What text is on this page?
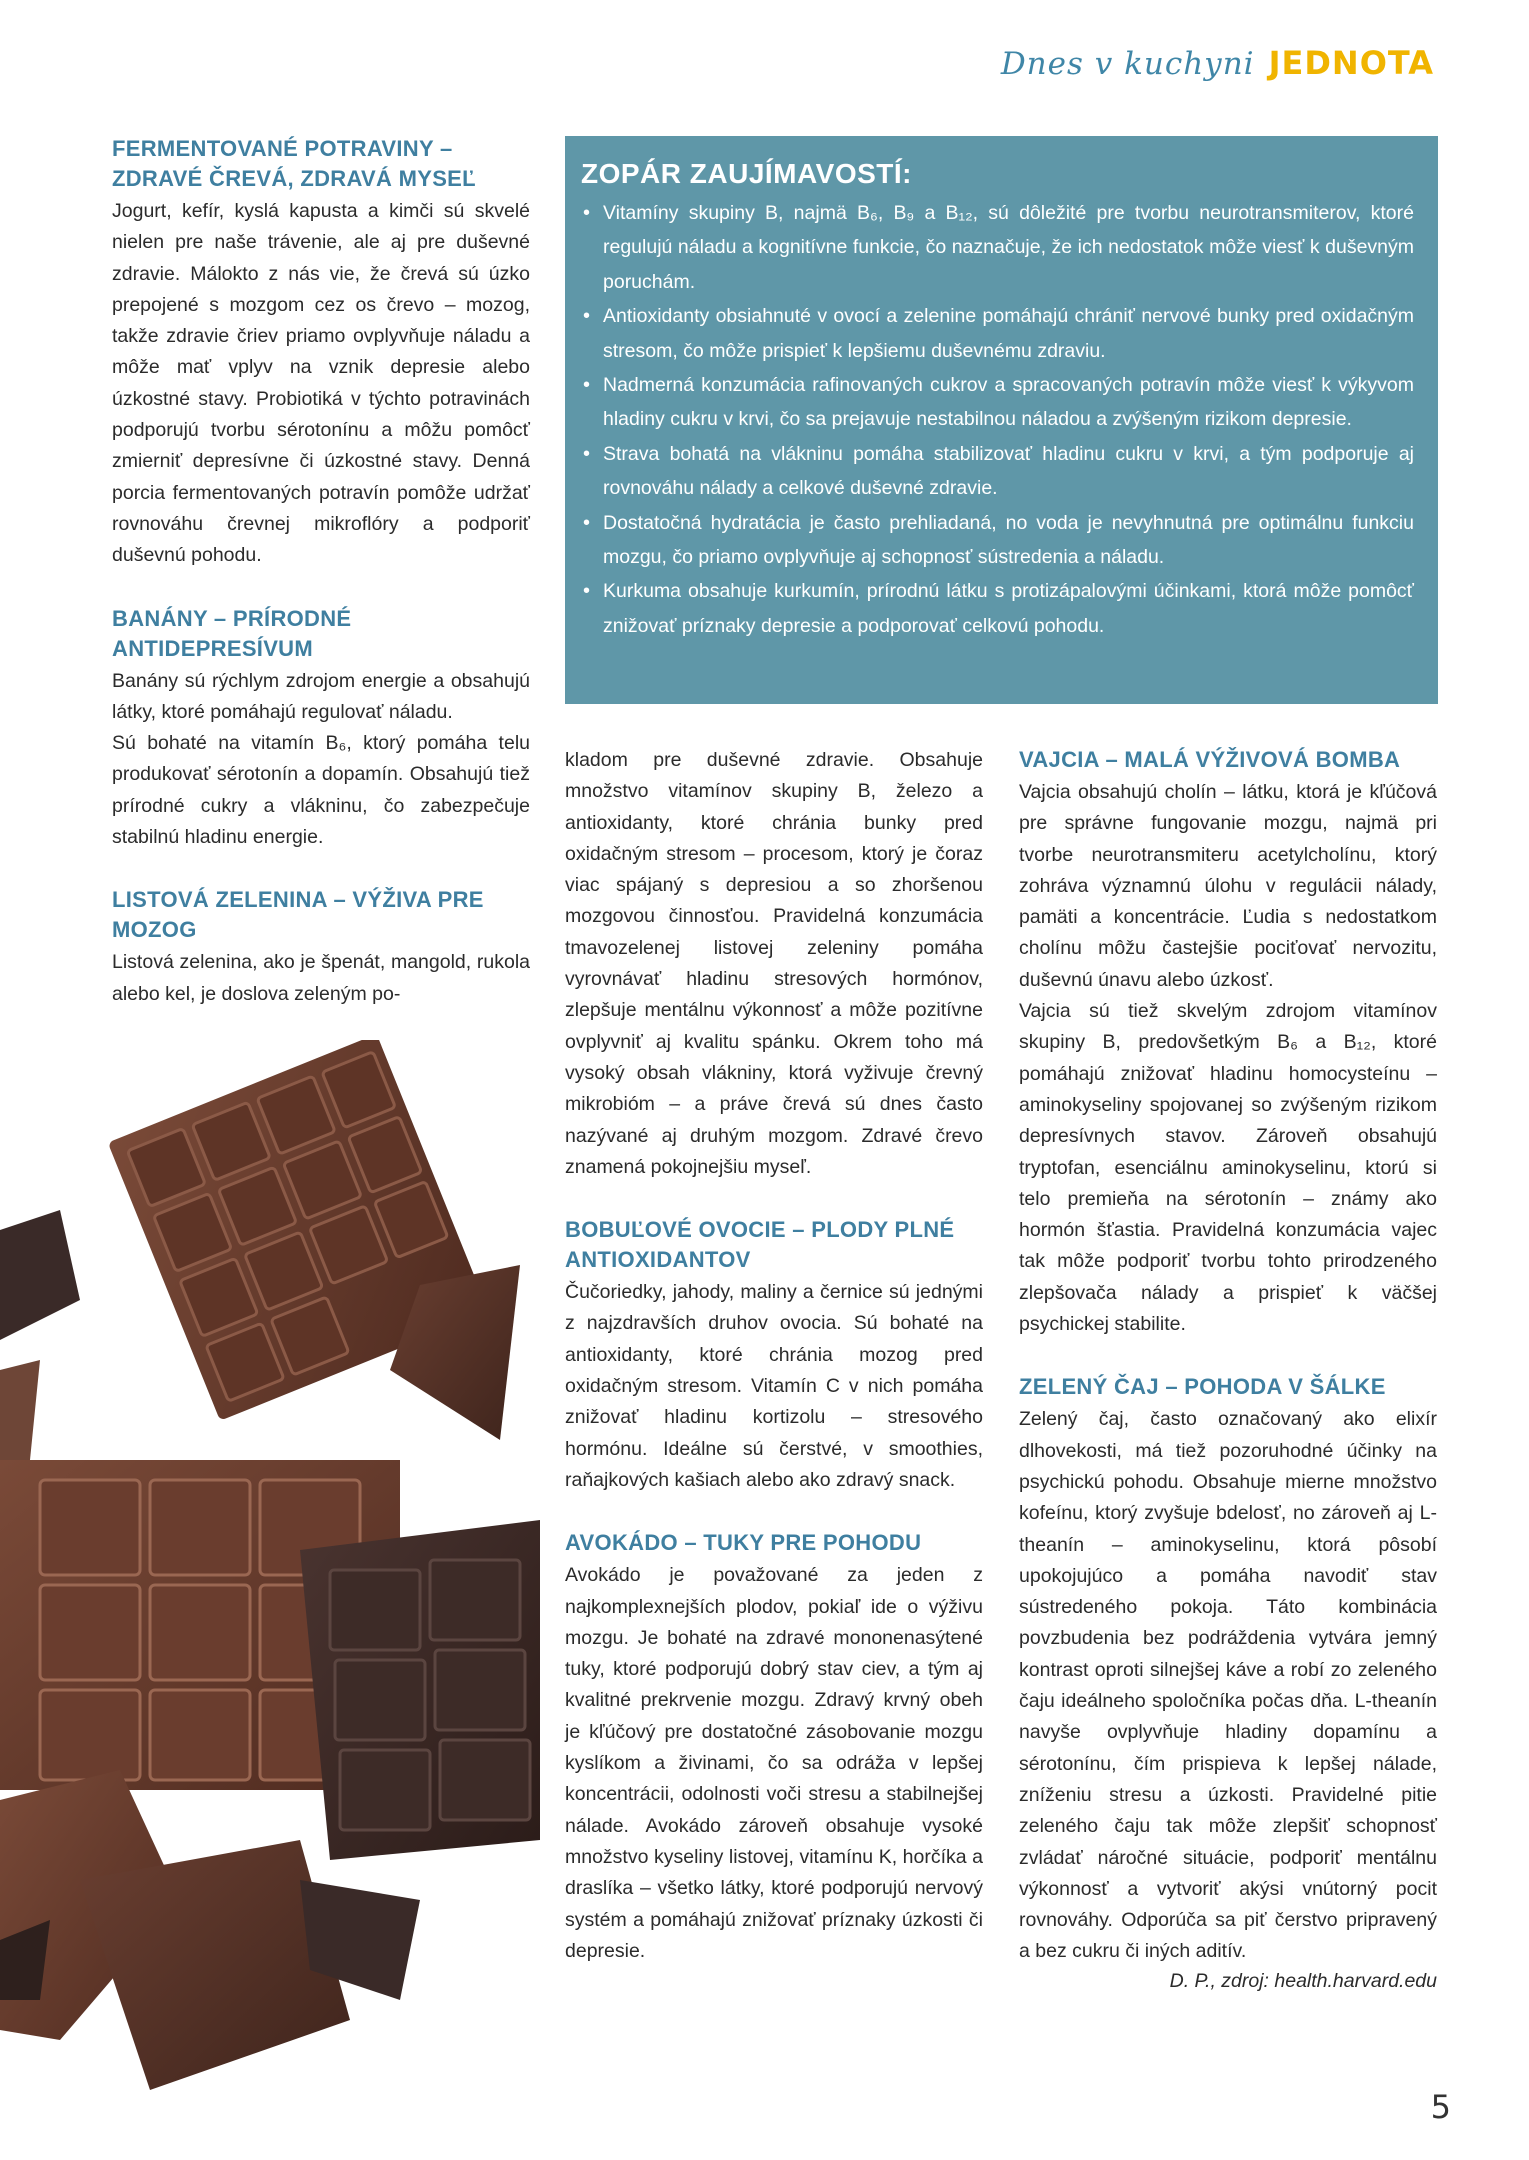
Dnes v kuchyni JEDNOTA
FERMENTOVANÉ POTRAVINY – ZDRAVÉ ČREVÁ, ZDRAVÁ MYSEĽ
Jogurt, kefír, kyslá kapusta a kimči sú skvelé nielen pre naše trávenie, ale aj pre duševné zdravie. Málokto z nás vie, že črevá sú úzko prepojené s mozgom cez os črevo – mozog, takže zdravie čriev priamo ovplyvňuje náladu a môže mať vplyv na vznik depresie alebo úzkostné stavy. Probiotiká v týchto potravinách podporujú tvorbu sérotonínu a môžu pomôcť zmierniť depresívne či úzkostné stavy. Denná porcia fermentovaných potravín pomôže udržať rovnováhu črevnej mikroflóry a podporiť duševnú pohodu.
BANÁNY – PRÍRODNÉ ANTIDEPRESÍVUM

Banány sú rýchlym zdrojom energie a obsahujú látky, ktoré pomáhajú regulovať náladu.

Sú bohaté na vitamín B₆, ktorý pomáha telu produkovať sérotonín a dopamín. Obsahujú tiež prírodné cukry a vlákninu, čo zabezpečuje stabilnú hladinu energie.

LISTOVÁ ZELENINA – VÝŽIVA PRE MOZOG
Listová zelenina, ako je špenát, mangold, rukola alebo kel, je doslova zeleným po-
ZOPÁR ZAUJÍMAVOSTÍ:
• Vitamíny skupiny B, najmä B₆, B₉ a B₁₂, sú dôležité pre tvorbu neurotransmiterov, ktoré regulujú náladu a kognitívne funkcie, čo naznačuje, že ich nedostatok môže viesť k duševným poruchám.
• Antioxidanty obsiahnuté v ovocí a zelenine pomáhajú chrániť nervové bunky pred oxidačným stresom, čo môže prispieť k lepšiemu duševnému zdraviu.
• Nadmerná konzumácia rafinovaných cukrov a spracovaných potravín môže viesť k výkyvom hladiny cukru v krvi, čo sa prejavuje nestabilnou náladou a zvýšeným rizikom depresie.
• Strava bohatá na vlákninu pomáha stabilizovať hladinu cukru v krvi, a tým podporuje aj rovnováhu nálady a celkové duševné zdravie.
• Dostatočná hydratácia je často prehliadaná, no voda je nevyhnutná pre optimálnu funkciu mozgu, čo priamo ovplyvňuje aj schopnosť sústredenia a náladu.
• Kurkuma obsahuje kurkumín, prírodnú látku s protizápalovými účinkami, ktorá môže pomôcť znižovať príznaky depresie a podporovať celkovú pohodu.
kladom pre duševné zdravie. Obsahuje množstvo vitamínov skupiny B, železo a antioxidanty, ktoré chránia bunky pred oxidačným stresom – procesom, ktorý je čoraz viac spájaný s depresiou a so zhoršenou mozgovou činnosťou. Pravidelná konzumácia tmavozelenej listovej zeleniny pomáha vyrovnávať hladinu stresových hormónov, zlepšuje mentálnu výkonnosť a môže pozitívne ovplyvniť aj kvalitu spánku. Okrem toho má vysoký obsah vlákniny, ktorá vyživuje črevný mikrobióm – a práve črevá sú dnes často nazývané aj druhým mozgom. Zdravé črevo znamená pokojnejšiu myseľ.
BOBUĽOVÉ OVOCIE – PLODY PLNÉ ANTIOXIDANTOV
Čučoriedky, jahody, maliny a černice sú jednými z najzdravších druhov ovocia. Sú bohaté na antioxidanty, ktoré chránia mozog pred oxidačným stresom. Vitamín C v nich pomáha znižovať hladinu kortizolu – stresového hormónu. Ideálne sú čerstvé, v smoothies, raňajkových kašiach alebo ako zdravý snack.
AVOKÁDO – TUKY PRE POHODU
Avokádo je považované za jeden z najkomplexnejších plodov, pokiaľ ide o výživu mozgu. Je bohaté na zdravé mononenasýtené tuky, ktoré podporujú dobrý stav ciev, a tým aj kvalitné prekrvenie mozgu. Zdravý krvný obeh je kľúčový pre dostatočné zásobovanie mozgu kyslíkom a živinami, čo sa odráža v lepšej koncentrácii, odolnosti voči stresu a stabilnejšej nálade. Avokádo zároveň obsahuje vysoké množstvo kyseliny listovej, vitamínu K, horčíka a draslíka – všetko látky, ktoré podporujú nervový systém a pomáhajú znižovať príznaky úzkosti či depresie.
VAJCIA – MALÁ VÝŽIVOVÁ BOMBA

Vajcia obsahujú cholín – látku, ktorá je kľúčová pre správne fungovanie mozgu, najmä pri tvorbe neurotransmiteru acetylcholínu, ktorý zohráva významnú úlohu v regulácii nálady, pamäti a koncentrácie. Ľudia s nedostatkom cholínu môžu častejšie pociťovať nervozitu, duševnú únavu alebo úzkosť.

Vajcia sú tiež skvelým zdrojom vitamínov skupiny B, predovšetkým B₆ a B₁₂, ktoré pomáhajú znižovať hladinu homocysteínu – aminokyseliny spojovanej so zvýšeným rizikom depresívnych stavov. Zároveň obsahujú tryptofan, esenciálnu aminokyselinu, ktorú si telo premieňa na sérotonín – známy ako hormón šťastia. Pravidelná konzumácia vajec tak môže podporiť tvorbu tohto prirodzeného zlepšovača nálady a prispieť k väčšej psychickej stabilite.

ZELENÝ ČAJ – POHODA V ŠÁLKE
Zelený čaj, často označovaný ako elixír dlhovekosti, má tiež pozoruhodné účinky na psychickú pohodu. Obsahuje mierne množstvo kofeínu, ktorý zvyšuje bdelosť, no zároveň aj L-theanín – aminokyselinu, ktorá pôsobí upokojujúco a pomáha navodiť stav sústredeného pokoja. Táto kombinácia povzbudenia bez podráždenia vytvára jemný kontrast oproti silnejšej káve a robí zo zeleného čaju ideálneho spoločníka počas dňa. L-theanín navyše ovplyvňuje hladiny dopamínu a sérotonínu, čím prispieva k lepšej nálade, zníženiu stresu a úzkosti. Pravidelné pitie zeleného čaju tak môže zlepšiť schopnosť zvládať náročné situácie, podporiť mentálnu výkonnosť a vytvoriť akýsi vnútorný pocit rovnováhy. Odporúča sa piť čerstvo pripravený a bez cukru či iných aditív.
D. P., zdroj: health.harvard.edu
5
